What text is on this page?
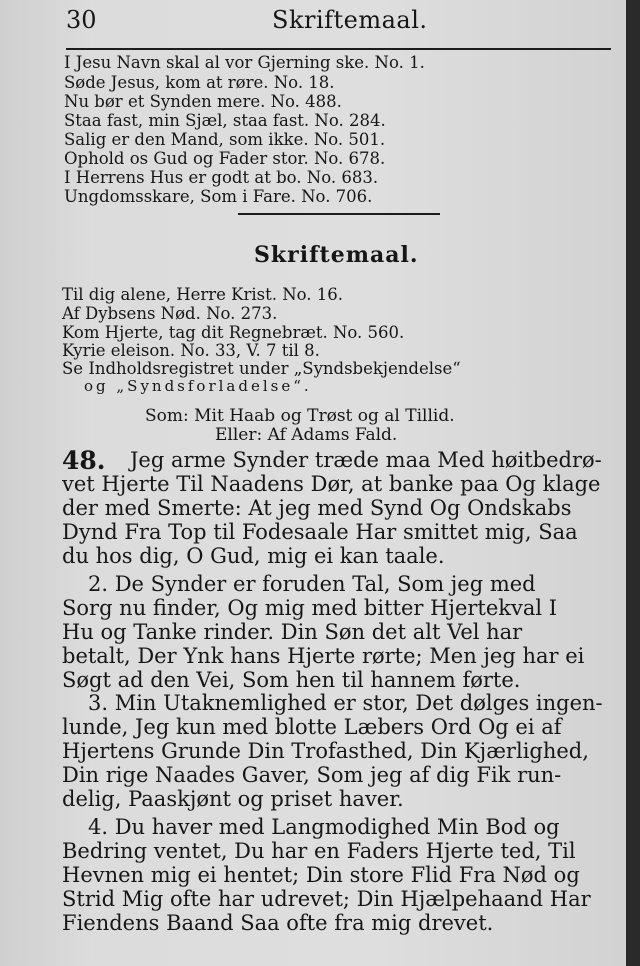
30	Skriftemaal.
I Jesu Navn skal al vor Gjerning ske. No. 1.
Søde Jesus, kom at røre. No. 18.
Nu bør et Synden mere. No. 488.
Staa fast, min Sjæl, staa fast. No. 284.
Salig er den Mand, som ikke. No. 501.
Ophold os Gud og Fader stor. No. 678.
I Herrens Hus er godt at bo. No. 683.
Ungdomsskare, Som i Fare. No. 706.
Skriftemaal.
Til dig alene, Herre Krist. No. 16.
Af Dybsens Nød. No. 273.
Kom Hjerte, tag dit Regnebræt. No. 560.
Kyrie eleison. No. 33, V. 7 til 8.
Se Indholdsregistret under „Syndsbekjendelse“
og „Syndsforladelse“.
Som: Mit Haab og Trøst og al Tillid.
Eller: Af Adams Fald.
48. Jeg arme Synder træde maa Med høitbedrø-
vet Hjerte Til Naadens Dør, at banke paa Og klage
der med Smerte: At jeg med Synd Og Ondskabs
Dynd Fra Top til Fodesaale Har smittet mig, Saa
du hos dig, O Gud, mig ei kan taale.
2. De Synder er foruden Tal, Som jeg med
Sorg nu finder, Og mig med bitter Hjertekval I
Hu og Tanke rinder. Din Søn det alt Vel har
betalt, Der Ynk hans Hjerte rørte; Men jeg har ei
Søgt ad den Vei, Som hen til hannem førte.
3. Min Utaknemlighed er stor, Det dølges ingen-
lunde, Jeg kun med blotte Læbers Ord Og ei af
Hjertens Grunde Din Trofasthed, Din Kjærlighed,
Din rige Naades Gaver, Som jeg af dig Fik run-
delig, Paaskjønt og priset haver.
4. Du haver med Langmodighed Min Bod og
Bedring ventet, Du har en Faders Hjerte ted, Til
Hevnen mig ei hentet; Din store Flid Fra Nød og
Strid Mig ofte har udrevet; Din Hjælpehaand Har
Fiendens Baand Saa ofte fra mig drevet.
